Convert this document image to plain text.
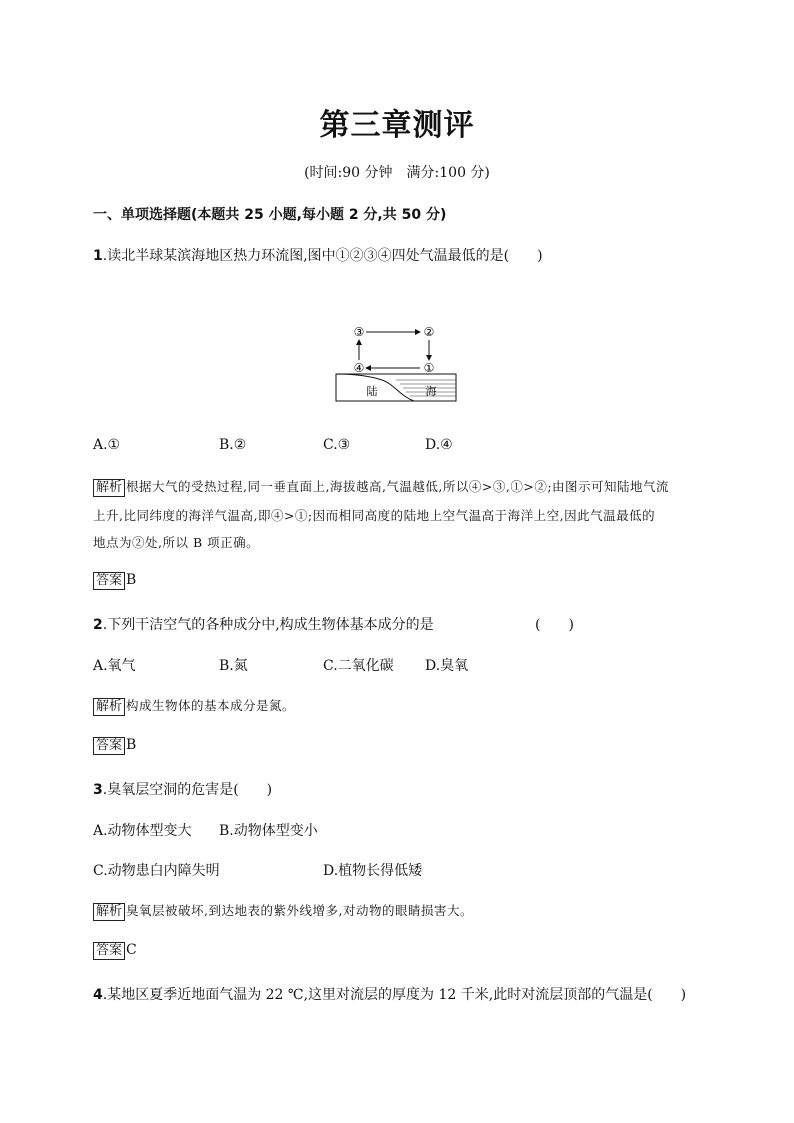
第三章测评
(时间:90 分钟　满分:100 分)
一、单项选择题(本题共 25 小题,每小题 2 分,共 50 分)
1.读北半球某滨海地区热力环流图,图中①②③④四处气温最低的是(　　)
③	②
④	①
陆	海
A.①	B.②	C.③	D.④
解析 根据大气的受热过程,同一垂直面上,海拔越高,气温越低,所以④>③,①>②;由图示可知陆地气流
上升,比同纬度的海洋气温高,即④>①;因而相同高度的陆地上空气温高于海洋上空,因此气温最低的
地点为②处,所以 B 项正确。
答案 B
2.下列干洁空气的各种成分中,构成生物体基本成分的是	(　　)
A.氧气	B.氮	C.二氧化碳 D.臭氧
解析 构成生物体的基本成分是氮。
答案 B
3.臭氧层空洞的危害是(　　)
A.动物体型变大 B.动物体型变小
C.动物患白内障失明	D.植物长得低矮
解析 臭氧层被破坏,到达地表的紫外线增多,对动物的眼睛损害大。
答案 C
4.某地区夏季近地面气温为 22 ℃,这里对流层的厚度为 12 千米,此时对流层顶部的气温是(　　)
